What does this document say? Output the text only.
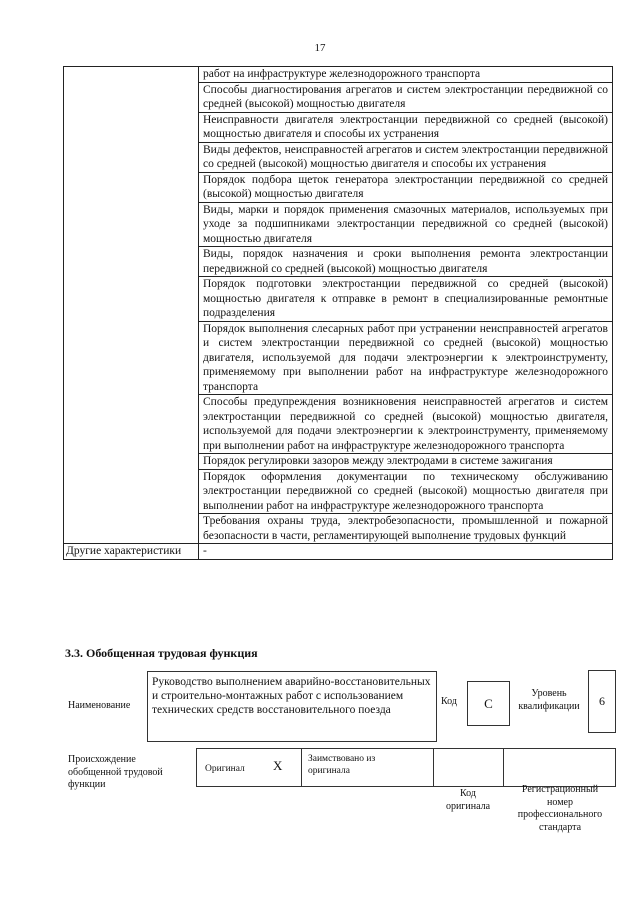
17
	работ на инфраструктуре железнодорожного транспорта
	Способы диагностирования агрегатов и систем электростанции передвижной со средней (высокой) мощностью двигателя
	Неисправности двигателя электростанции передвижной со средней (высокой) мощностью двигателя и способы их устранения
	Виды дефектов, неисправностей агрегатов и систем электростанции передвижной со средней (высокой) мощностью двигателя и способы их устранения
	Порядок подбора щеток генератора электростанции передвижной со средней (высокой) мощностью двигателя
	Виды, марки и порядок применения смазочных материалов, используемых при уходе за подшипниками электростанции передвижной со средней (высокой) мощностью двигателя
	Виды, порядок назначения и сроки выполнения ремонта электростанции передвижной со средней (высокой) мощностью двигателя
	Порядок подготовки электростанции передвижной со средней (высокой) мощностью двигателя к отправке в ремонт в специализированные ремонтные подразделения
	Порядок выполнения слесарных работ при устранении неисправностей агрегатов и систем электростанции передвижной со средней (высокой) мощностью двигателя, используемой для подачи электроэнергии к электроинструменту, применяемому при выполнении работ на инфраструктуре железнодорожного транспорта
	Способы предупреждения возникновения неисправностей агрегатов и систем электростанции передвижной со средней (высокой) мощностью двигателя, используемой для подачи электроэнергии к электроинструменту, применяемому при выполнении работ на инфраструктуре железнодорожного транспорта
	Порядок регулировки зазоров между электродами в системе зажигания
	Порядок оформления документации по техническому обслуживанию электростанции передвижной со средней (высокой) мощностью двигателя при выполнении работ на инфраструктуре железнодорожного транспорта
	Требования охраны труда, электробезопасности, промышленной и пожарной безопасности в части, регламентирующей выполнение трудовых функций
Другие характеристики	-
3.3. Обобщенная трудовая функция
Наименование
Руководство выполнением аварийно-восстановительных и строительно-монтажных работ с использованием технических средств восстановительного поезда
Код	C
Уровень квалификации	6
Происхождение обобщенной трудовой функции
Оригинал X	Заимствовано из оригинала
Код оригинала
Регистрационный номер профессионального стандарта
